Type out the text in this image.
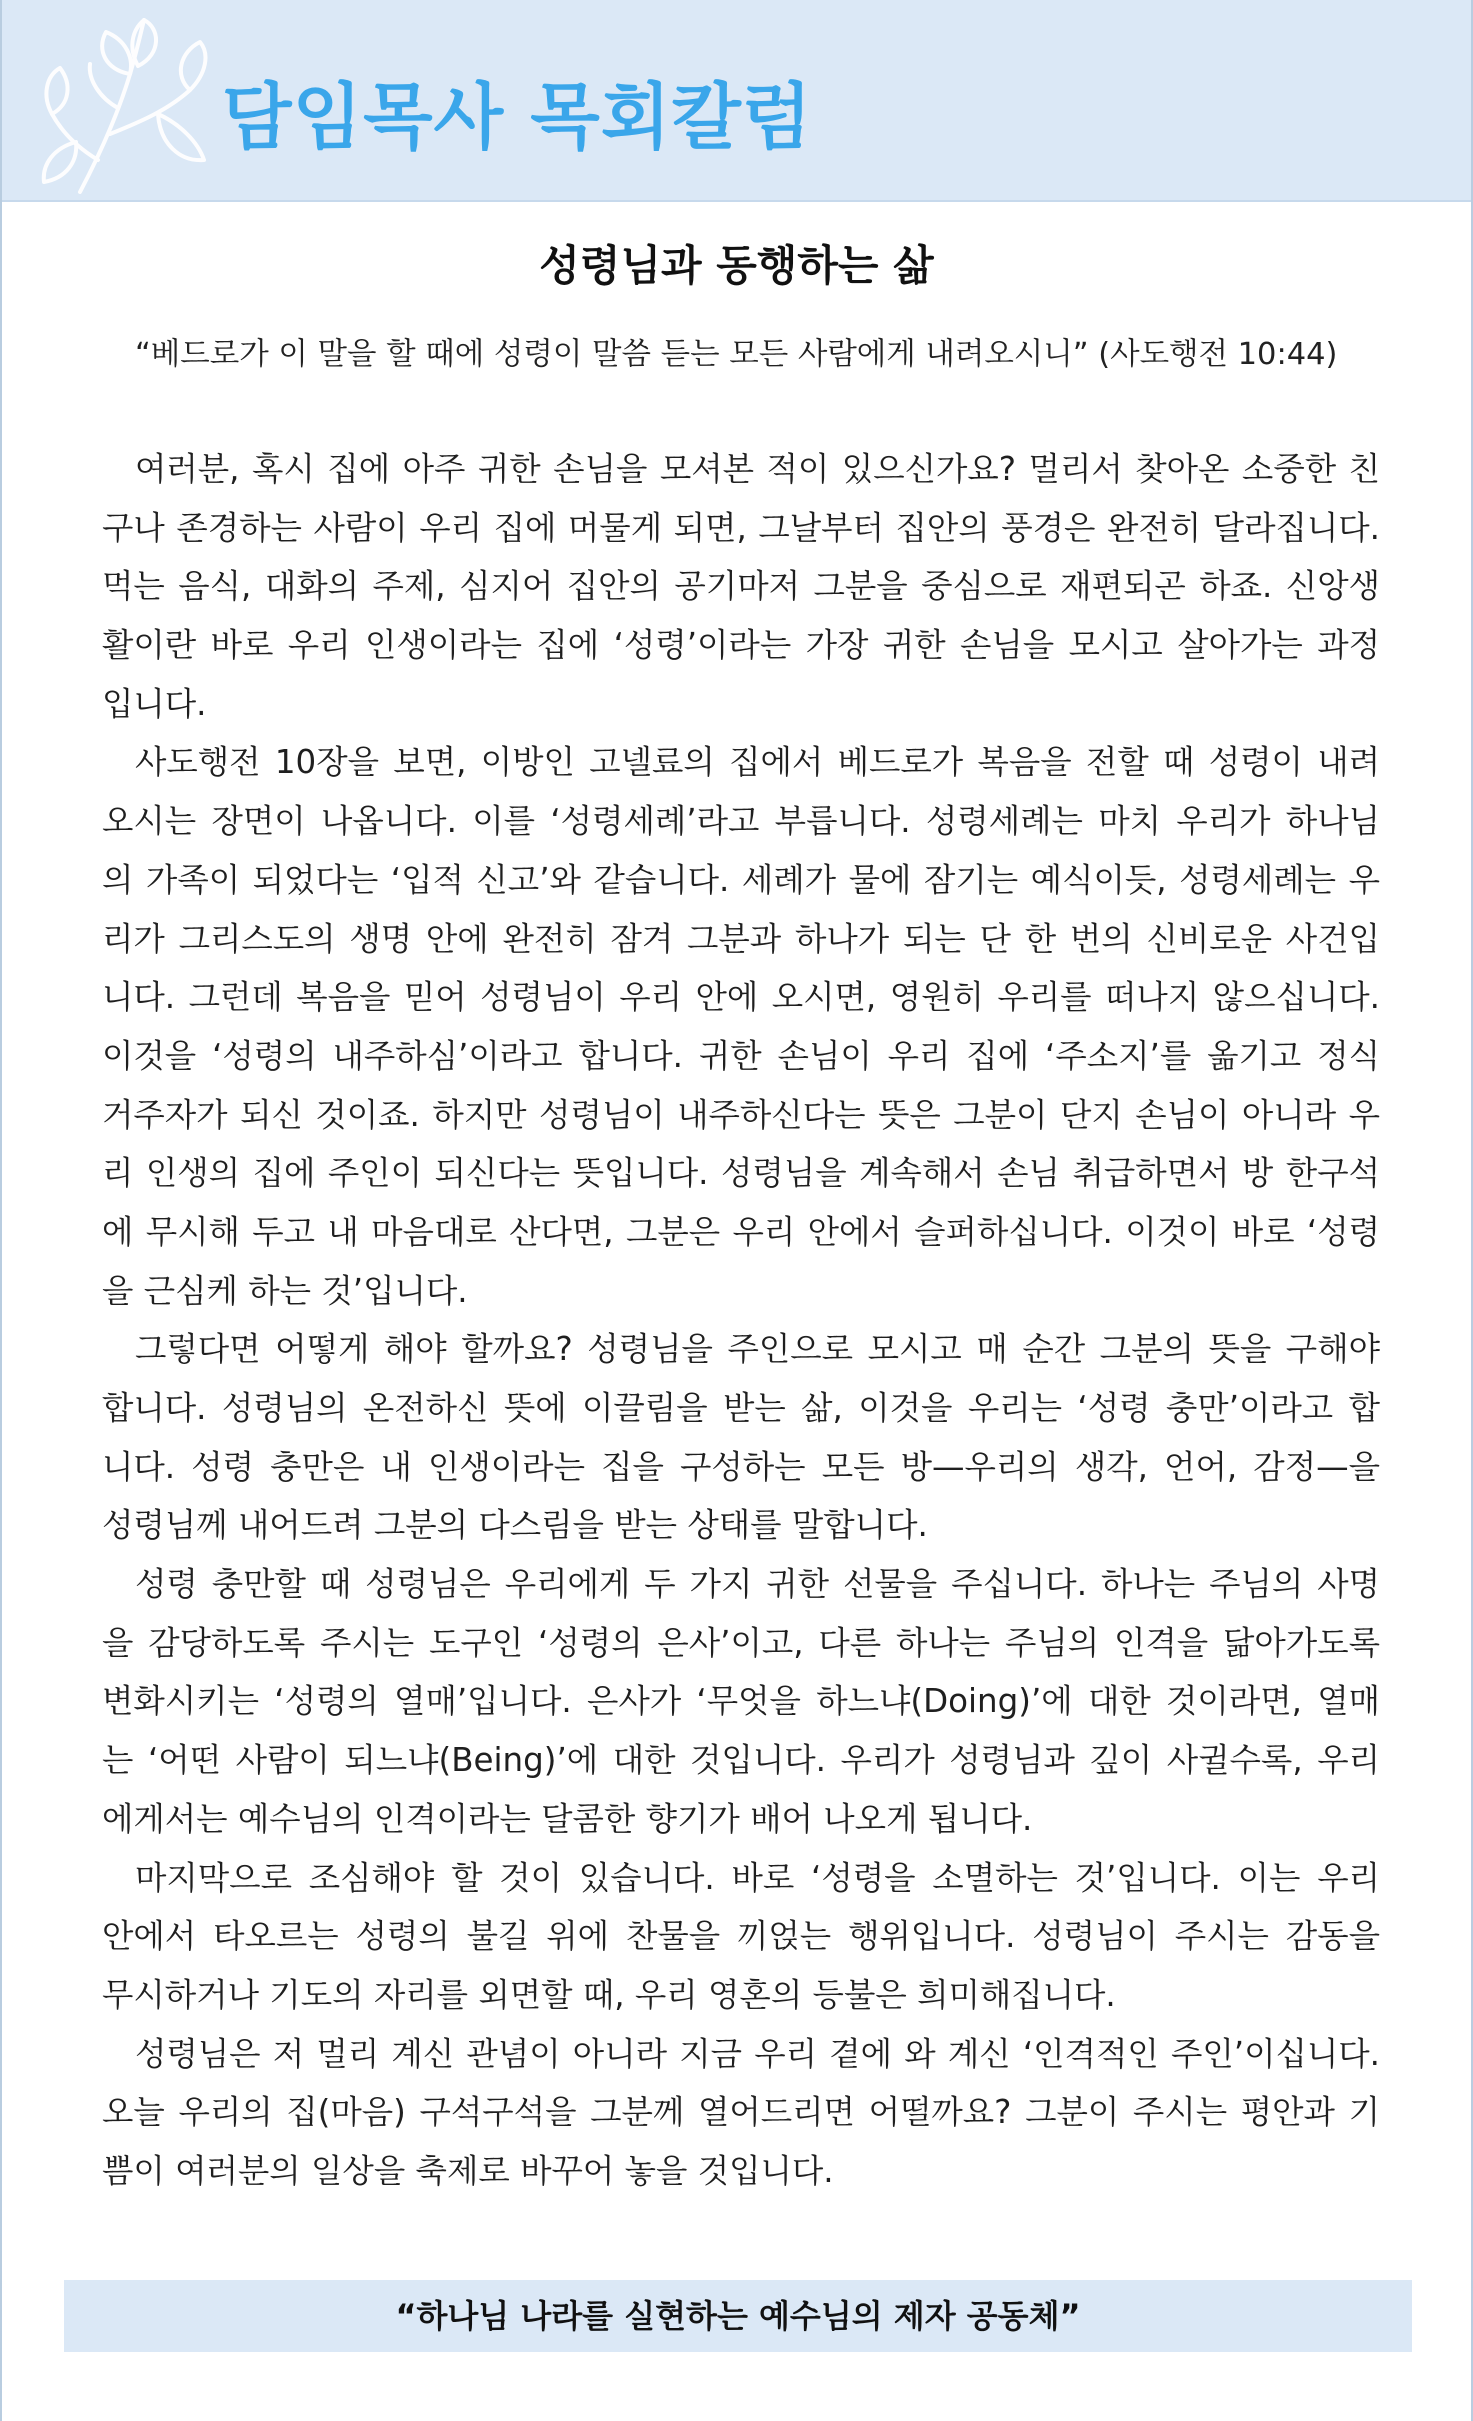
담임목사 목회칼럼
성령님과 동행하는 삶
“베드로가 이 말을 할 때에 성령이 말씀 듣는 모든 사람에게 내려오시니” (사도행전 10:44)
여러분, 혹시 집에 아주 귀한 손님을 모셔본 적이 있으신가요? 멀리서 찾아온 소중한 친
구나 존경하는 사람이 우리 집에 머물게 되면, 그날부터 집안의 풍경은 완전히 달라집니다.
먹는 음식, 대화의 주제, 심지어 집안의 공기마저 그분을 중심으로 재편되곤 하죠. 신앙생
활이란 바로 우리 인생이라는 집에 ‘성령’이라는 가장 귀한 손님을 모시고 살아가는 과정
입니다.
사도행전 10장을 보면, 이방인 고넬료의 집에서 베드로가 복음을 전할 때 성령이 내려
오시는 장면이 나옵니다. 이를 ‘성령세례’라고 부릅니다. 성령세례는 마치 우리가 하나님
의 가족이 되었다는 ‘입적 신고’와 같습니다. 세례가 물에 잠기는 예식이듯, 성령세례는 우
리가 그리스도의 생명 안에 완전히 잠겨 그분과 하나가 되는 단 한 번의 신비로운 사건입
니다. 그런데 복음을 믿어 성령님이 우리 안에 오시면, 영원히 우리를 떠나지 않으십니다.
이것을 ‘성령의 내주하심’이라고 합니다. 귀한 손님이 우리 집에 ‘주소지’를 옮기고 정식
거주자가 되신 것이죠. 하지만 성령님이 내주하신다는 뜻은 그분이 단지 손님이 아니라 우
리 인생의 집에 주인이 되신다는 뜻입니다. 성령님을 계속해서 손님 취급하면서 방 한구석
에 무시해 두고 내 마음대로 산다면, 그분은 우리 안에서 슬퍼하십니다. 이것이 바로 ‘성령
을 근심케 하는 것’입니다.
그렇다면 어떻게 해야 할까요? 성령님을 주인으로 모시고 매 순간 그분의 뜻을 구해야
합니다. 성령님의 온전하신 뜻에 이끌림을 받는 삶, 이것을 우리는 ‘성령 충만’이라고 합
니다. 성령 충만은 내 인생이라는 집을 구성하는 모든 방—우리의 생각, 언어, 감정—을
성령님께 내어드려 그분의 다스림을 받는 상태를 말합니다.
성령 충만할 때 성령님은 우리에게 두 가지 귀한 선물을 주십니다. 하나는 주님의 사명
을 감당하도록 주시는 도구인 ‘성령의 은사’이고, 다른 하나는 주님의 인격을 닮아가도록
변화시키는 ‘성령의 열매’입니다. 은사가 ‘무엇을 하느냐(Doing)’에 대한 것이라면, 열매
는 ‘어떤 사람이 되느냐(Being)’에 대한 것입니다. 우리가 성령님과 깊이 사귈수록, 우리
에게서는 예수님의 인격이라는 달콤한 향기가 배어 나오게 됩니다.
마지막으로 조심해야 할 것이 있습니다. 바로 ‘성령을 소멸하는 것’입니다. 이는 우리
안에서 타오르는 성령의 불길 위에 찬물을 끼얹는 행위입니다. 성령님이 주시는 감동을
무시하거나 기도의 자리를 외면할 때, 우리 영혼의 등불은 희미해집니다.
성령님은 저 멀리 계신 관념이 아니라 지금 우리 곁에 와 계신 ‘인격적인 주인’이십니다.
오늘 우리의 집(마음) 구석구석을 그분께 열어드리면 어떨까요? 그분이 주시는 평안과 기
쁨이 여러분의 일상을 축제로 바꾸어 놓을 것입니다.
“하나님 나라를 실현하는 예수님의 제자 공동체”
